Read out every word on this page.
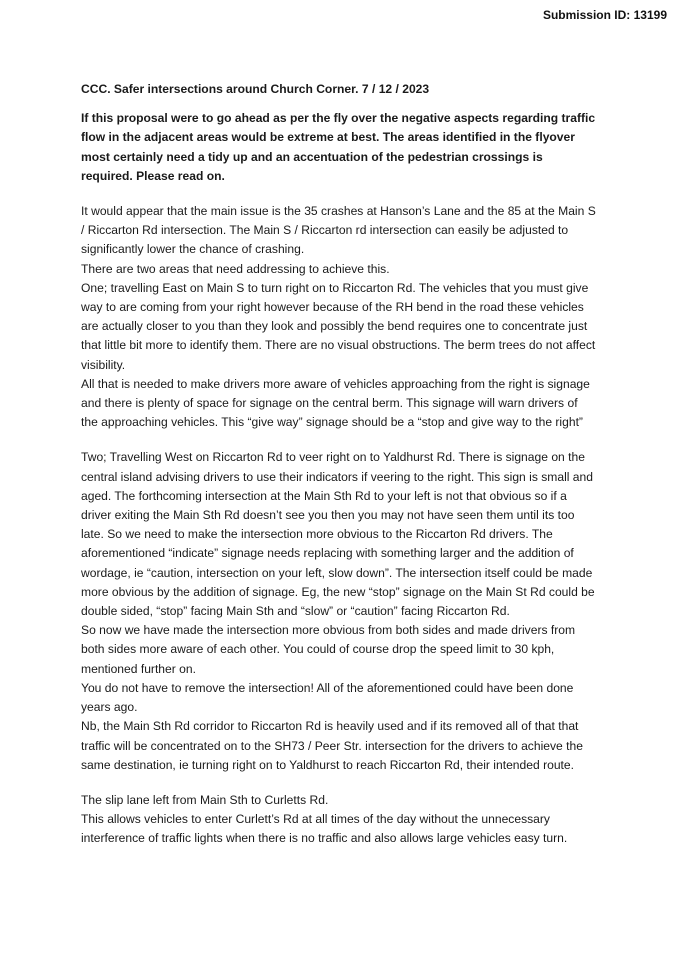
Submission ID: 13199

CCC. Safer intersections around Church Corner. 7 / 12 / 2023

If this proposal were to go ahead as per the fly over the negative aspects regarding traffic flow in the adjacent areas would be extreme at best. The areas identified in the flyover most certainly need a tidy up and an accentuation of the pedestrian crossings is required. Please read on.

It would appear that the main issue is the 35 crashes at Hanson’s Lane and the 85 at the Main S / Riccarton Rd intersection. The Main S / Riccarton rd intersection can easily be adjusted to significantly lower the chance of crashing.

There are two areas that need addressing to achieve this.

One; travelling East on Main S to turn right on to Riccarton Rd. The vehicles that you must give way to are coming from your right however because of the RH bend in the road these vehicles are actually closer to you than they look and possibly the bend requires one to concentrate just that little bit more to identify them. There are no visual obstructions. The berm trees do not affect visibility.

All that is needed to make drivers more aware of vehicles approaching from the right is signage and there is plenty of space for signage on the central berm. This signage will warn drivers of the approaching vehicles. This “give way” signage should be a “stop and give way to the right”

Two; Travelling West on Riccarton Rd to veer right on to Yaldhurst Rd. There is signage on the central island advising drivers to use their indicators if veering to the right. This sign is small and aged. The forthcoming intersection at the Main Sth Rd to your left is not that obvious so if a driver exiting the Main Sth Rd doesn’t see you then you may not have seen them until its too late. So we need to make the intersection more obvious to the Riccarton Rd drivers. The aforementioned “indicate” signage needs replacing with something larger and the addition of wordage, ie “caution, intersection on your left, slow down”. The intersection itself could be made more obvious by the addition of signage. Eg, the new “stop” signage on the Main St Rd could be double sided, “stop” facing Main Sth and “slow” or “caution” facing Riccarton Rd.

So now we have made the intersection more obvious from both sides and made drivers from both sides more aware of each other. You could of course drop the speed limit to 30 kph, mentioned further on.

You do not have to remove the intersection! All of the aforementioned could have been done years ago.

Nb, the Main Sth Rd corridor to Riccarton Rd is heavily used and if its removed all of that that traffic will be concentrated on to the SH73 / Peer Str. intersection for the drivers to achieve the same destination, ie turning right on to Yaldhurst to reach Riccarton Rd, their intended route.

The slip lane left from Main Sth to Curletts Rd.

This allows vehicles to enter Curlett’s Rd at all times of the day without the unnecessary interference of traffic lights when there is no traffic and also allows large vehicles easy turn.
